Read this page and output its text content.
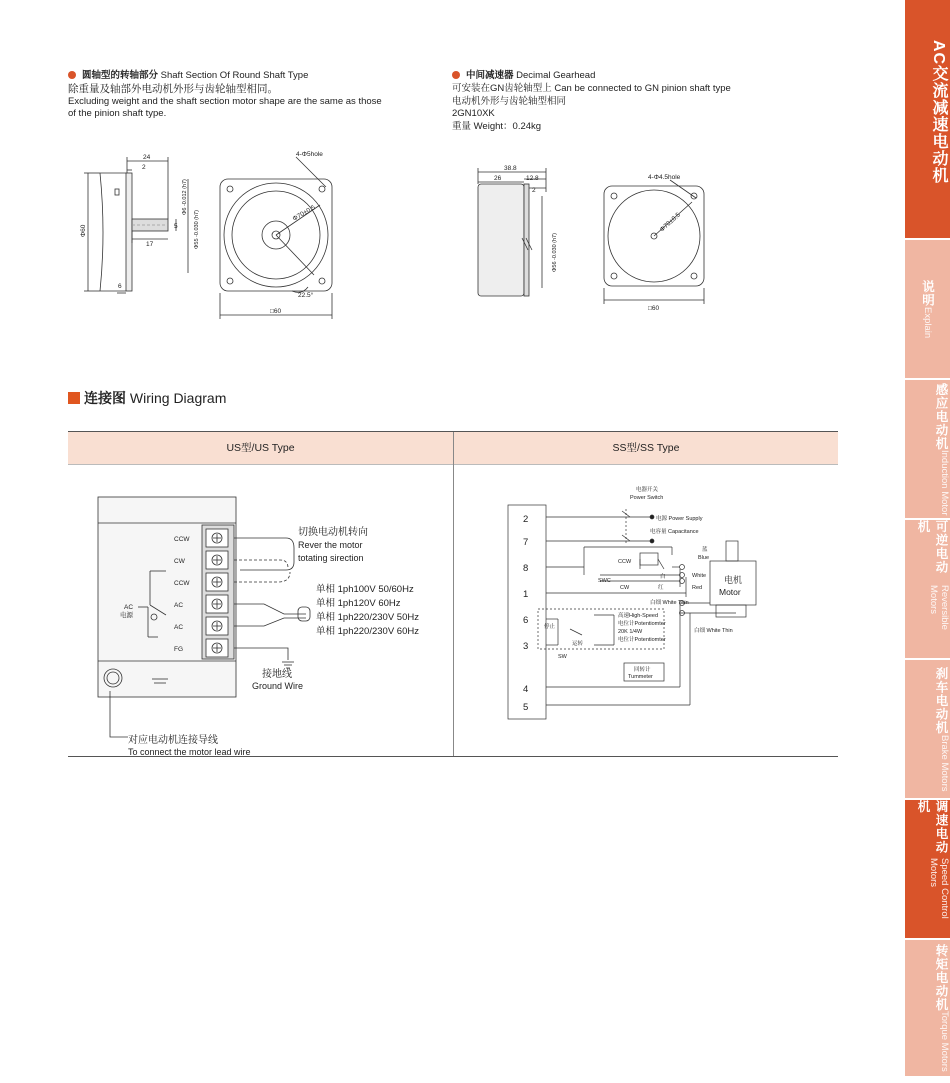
AC交流减速电动机
说明
Explain
感应电动机
Induction Motor
可逆电动机
Reversible Motors
刹车电动机
Brake Motors
调速电动机
Speed Control Motors
转矩电动机
Torque Motors
圆轴型的转轴部分 Shaft Section Of Round Shaft Type
除重量及轴部外电动机外形与齿轮轴型相同。
Excluding weight and the shaft section motor shape are the same as those
of the pinion shaft type.
24
2
17
5
6
Φ60
Φ6 -0.012 (h7)
Φ55 -0.030 (h7)
4-Φ5hole
Φ70±0.5
22.5°
□60
中间减速器 Decimal Gearhead
可安装在GN齿轮轴型上 Can be connected to GN pinion shaft type
电动机外形与齿轮轴型相同
2GN10XK
重量 Weight：0.24kg
38.8
26	12.8
2
Φ56 -0.030 (h7)
4-Φ4.5hole
Φ70±0.5
□60
连接图 Wiring Diagram
US型/US Type	SS型/SS Type
CCW
CW
CCW
AC
AC
FG
AC
电源
切换电动机转向
Rever the motor
totating sirection
单相 1ph100V 50/60Hz
单相 1ph120V 60Hz
单相 1ph220/230V 50Hz
单相 1ph220/230V 60Hz
接地线
Ground Wire
对应电动机连接导线
To connect the motor lead wire
2
7
8
1
6
3
4
5
电器开关
Power Switch
电源 Power Supply
电容量 Capacitance
蓝
Blue
CCW
白	White
红	Red
SWC
CW
电机
Motor
白细 White Thin
白细 White Thin
停止
运转
SW
高速High-Speed
电位计Potentiomter
20K 1/4W
电位计Potentiomter
回转计
Tummeter
